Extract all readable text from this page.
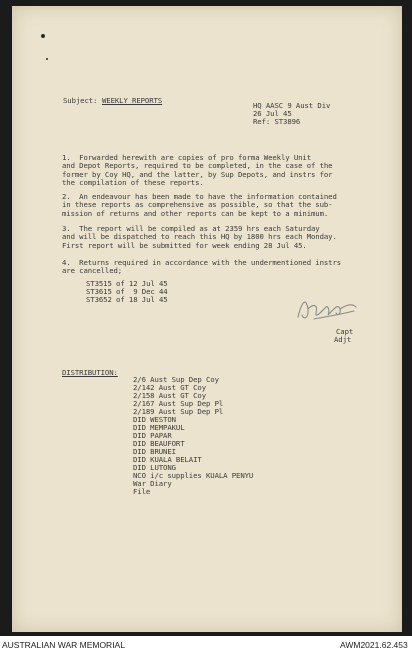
Subject: WEEKLY REPORTS

HQ AASC 9 Aust Div

26 Jul 45

Ref: ST3896

1.  Forwarded herewith are copies of pro forma Weekly Unit
and Depot Reports, required to be completed, in the case of the
former by Coy HQ, and the latter, by Sup Depots, and instrs for
the compilation of these reports.

2.  An endeavour has been made to have the information contained
in these reports as comprehensive as possible, so that the sub-
mission of returns and other reports can be kept to a minimum.

3.  The report will be compiled as at 2359 hrs each Saturday
and will be dispatched to reach this HQ by 1800 hrs each Monday.
First report will be submitted for week ending 28 Jul 45.

4.  Returns required in accordance with the undermentioned instrs
are cancelled;

ST3515 of 12 Jul 45

ST3615 of  9 Dec 44

ST3652 of 18 Jul 45

Capt

Adjt

DISTRIBUTION:

2/6 Aust Sup Dep Coy

2/142 Aust GT Coy

2/158 Aust GT Coy

2/167 Aust Sup Dep Pl

2/189 Aust Sup Dep Pl

DID WESTON

DID MEMPAKUL

DID PAPAR

DID BEAUFORT

DID BRUNEI

DID KUALA BELAIT

DID LUTONG

NCO i/c supplies KUALA PENYU

War Diary

File

AUSTRALIAN WAR MEMORIAL	AWM2021.62.453
